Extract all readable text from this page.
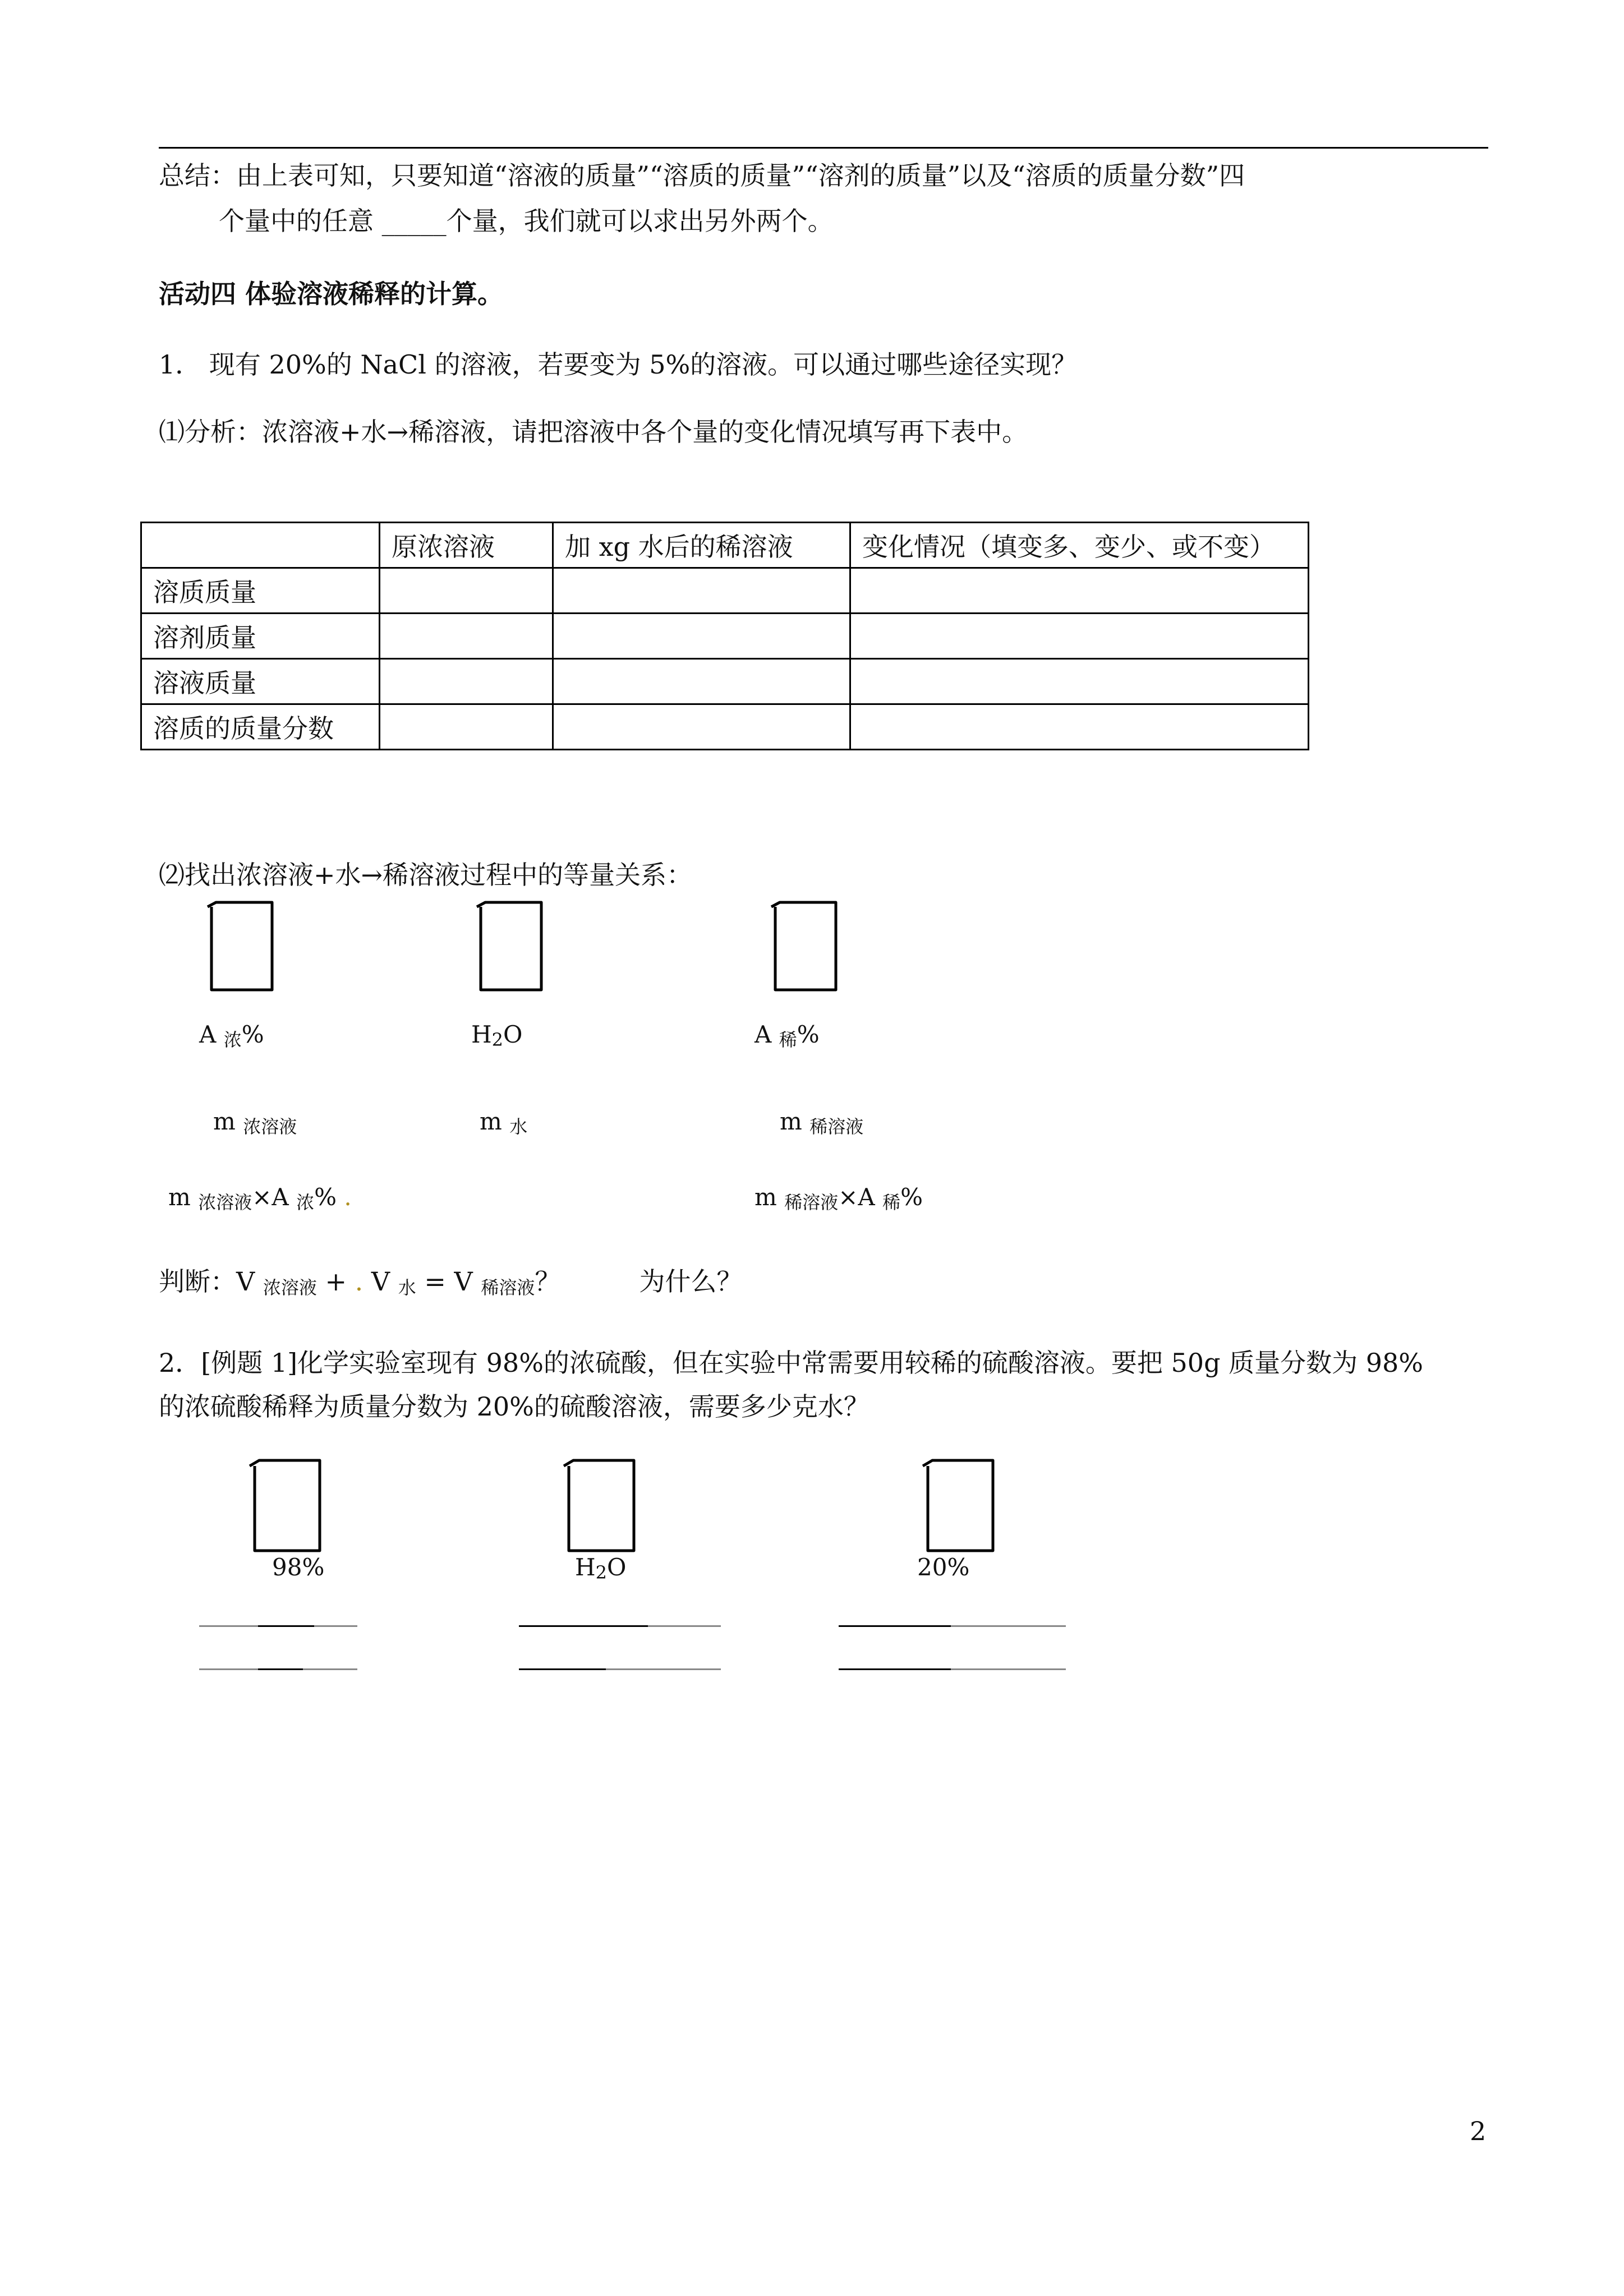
总结：由上表可知，只要知道“溶液的质量”“溶质的质量”“溶剂的质量”以及“溶质的质量分数”四
个量中的任意 _____个量，我们就可以求出另外两个。
活动四 体验溶液稀释的计算。
1． 现有 20%的 NaCl 的溶液，若要变为 5%的溶液。可以通过哪些途径实现？
⑴分析：浓溶液+水→稀溶液，请把溶液中各个量的变化情况填写再下表中。
	原浓溶液	加 xg 水后的稀溶液	变化情况（填变多、变少、或不变）
溶质质量			
溶剂质量			
溶液质量			
溶质的质量分数			
⑵找出浓溶液+水→稀溶液过程中的等量关系：
A 浓%	H2O	A 稀%
m 浓溶液	m 水	m 稀溶液
m 浓溶液×A 浓% .	m 稀溶液×A 稀%
判断：V 浓溶液 + . V 水 = V 稀溶液？	为什么？
2．[例题 1]化学实验室现有 98%的浓硫酸，但在实验中常需要用较稀的硫酸溶液。要把 50g 质量分数为 98%
的浓硫酸稀释为质量分数为 20%的硫酸溶液，需要多少克水？
98%	H2O	20%
2
